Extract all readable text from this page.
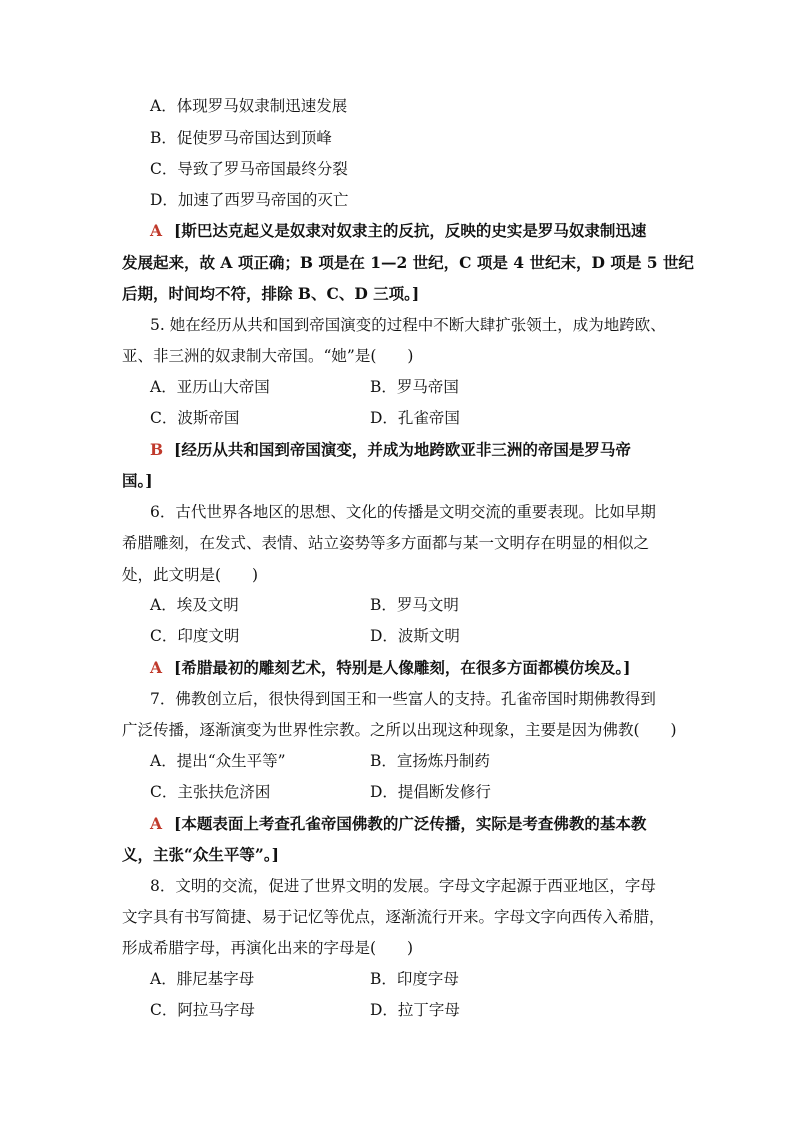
A．体现罗马奴隶制迅速发展
B．促使罗马帝国达到顶峰
C．导致了罗马帝国最终分裂
D．加速了西罗马帝国的灭亡
A [斯巴达克起义是奴隶对奴隶主的反抗，反映的史实是罗马奴隶制迅速
发展起来，故 A 项正确；B 项是在 1—2 世纪，C 项是 4 世纪末，D 项是 5 世纪
后期，时间均不符，排除 B、C、D 三项。]
5. 她在经历从共和国到帝国演变的过程中不断大肆扩张领土，成为地跨欧、
亚、非三洲的奴隶制大帝国。“她”是(　　)
A．亚历山大帝国	B．罗马帝国
C．波斯帝国	D．孔雀帝国
B [经历从共和国到帝国演变，并成为地跨欧亚非三洲的帝国是罗马帝
国。]
6．古代世界各地区的思想、文化的传播是文明交流的重要表现。比如早期
希腊雕刻，在发式、表情、站立姿势等多方面都与某一文明存在明显的相似之
处，此文明是(　　)
A．埃及文明	B．罗马文明
C．印度文明	D．波斯文明
A [希腊最初的雕刻艺术，特别是人像雕刻，在很多方面都模仿埃及。]
7．佛教创立后，很快得到国王和一些富人的支持。孔雀帝国时期佛教得到
广泛传播，逐渐演变为世界性宗教。之所以出现这种现象，主要是因为佛教(　　)
A．提出“众生平等”	B．宣扬炼丹制药
C．主张扶危济困	D．提倡断发修行
A [本题表面上考查孔雀帝国佛教的广泛传播，实际是考查佛教的基本教
义，主张“众生平等”。]
8．文明的交流，促进了世界文明的发展。字母文字起源于西亚地区，字母
文字具有书写简捷、易于记忆等优点，逐渐流行开来。字母文字向西传入希腊，
形成希腊字母，再演化出来的字母是(　　)
A．腓尼基字母	B．印度字母
C．阿拉马字母	D．拉丁字母
